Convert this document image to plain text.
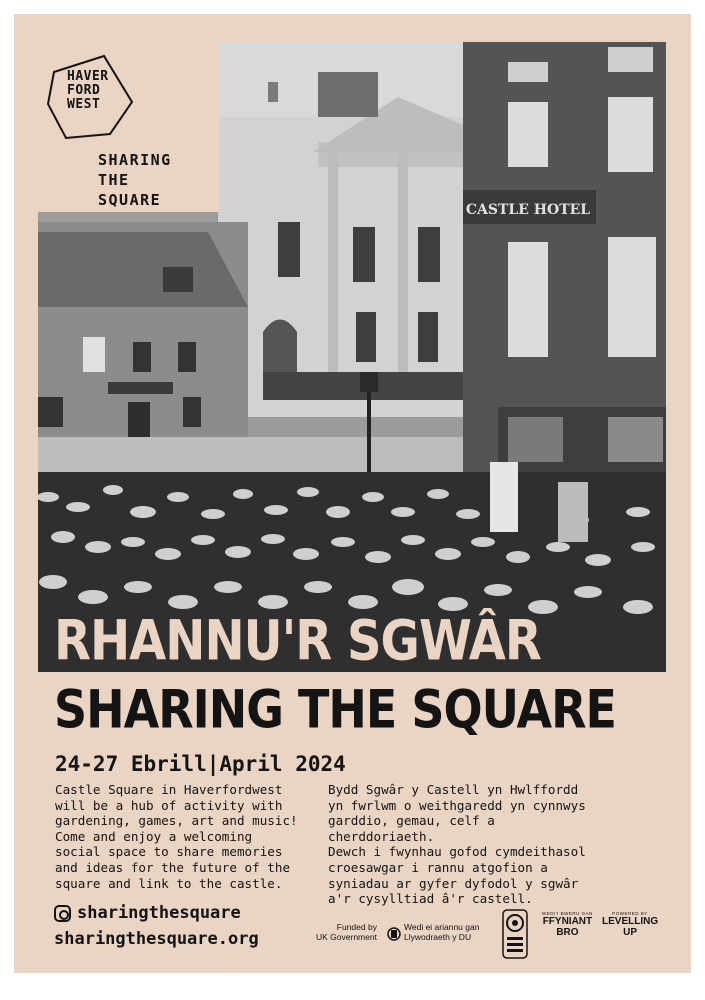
CASTLE HOTEL
HAVER
FORD
WEST
SHARING
THE
SQUARE
RHANNU'R SGWÂR
SHARING THE SQUARE
24-27 Ebrill|April 2024
Castle Square in Haverfordwest
will be a hub of activity with
gardening, games, art and music!
Come and enjoy a welcoming
social space to share memories
and ideas for the future of the
square and link to the castle.
Bydd Sgwâr y Castell yn Hwlffordd
yn fwrlwm o weithgaredd yn cynnwys
garddio, gemau, celf a cherddoriaeth.
Dewch i fwynhau gofod cymdeithasol
croesawgar i rannu atgofion a
syniadau ar gyfer dyfodol y sgwâr
a'r cysylltiad â'r castell.
sharingthesquare
sharingthesquare.org
Funded by
UK Government
Wedi ei ariannu gan
Llywodraeth y DU
WEDI'I BWERU GAN
FFYNIANT
BRO
POWERED BY
LEVELLING
UP
